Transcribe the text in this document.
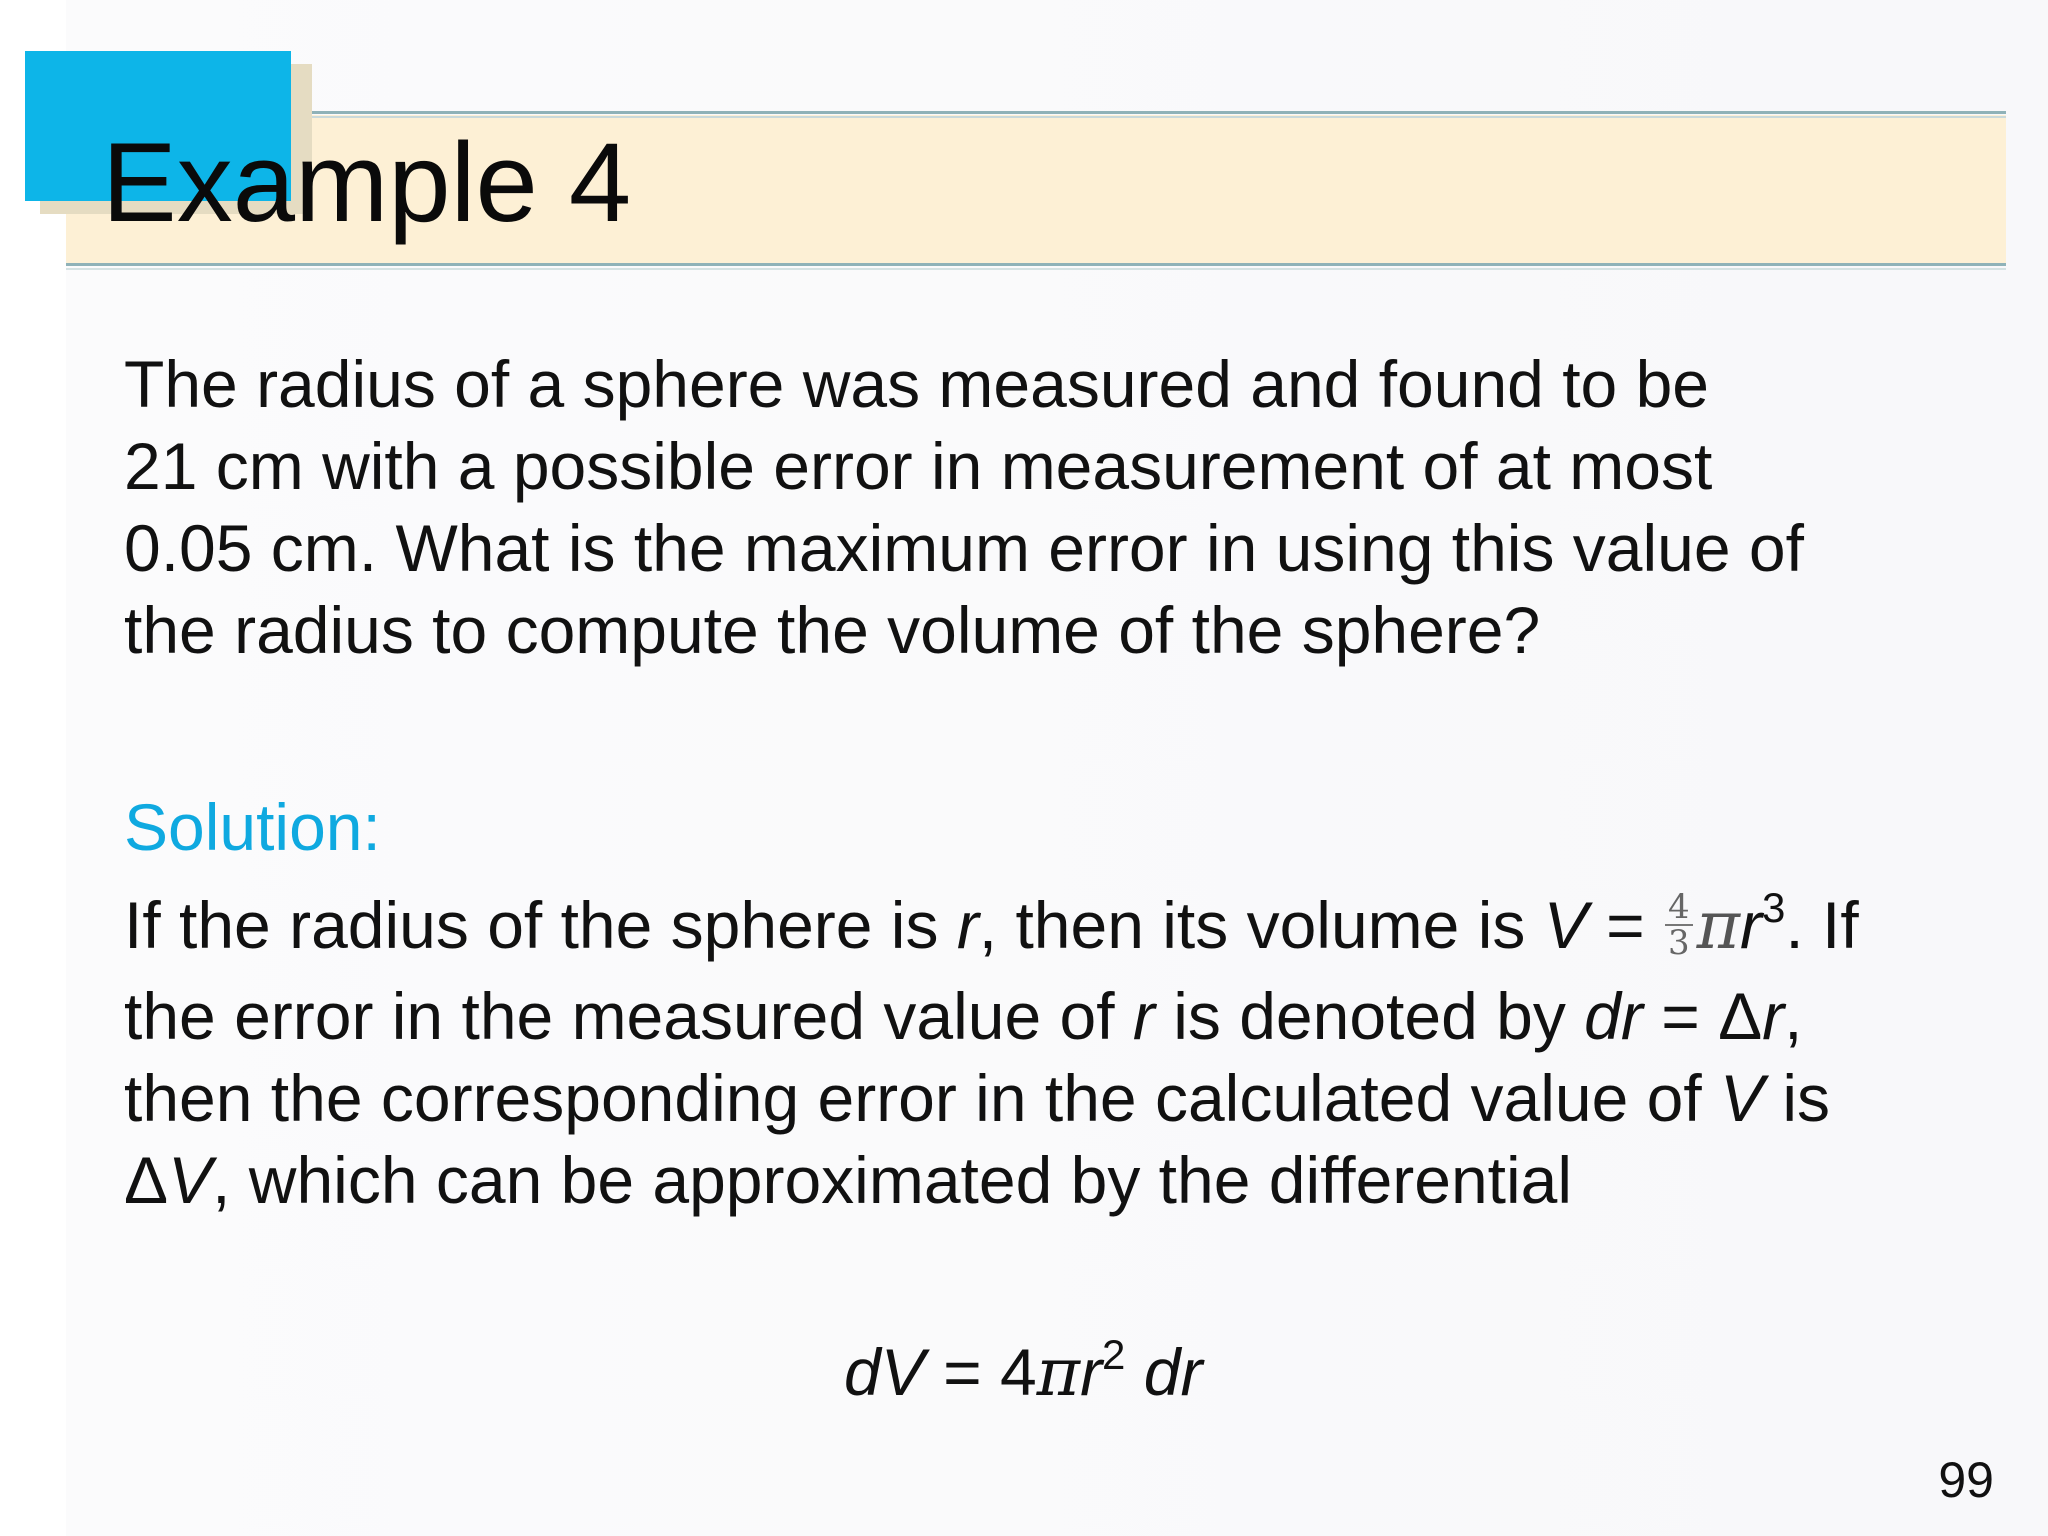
Example 4
The radius of a sphere was measured and found to be
21 cm with a possible error in measurement of at most
0.05 cm. What is the maximum error in using this value of
the radius to compute the volume of the sphere?
Solution:
If the radius of the sphere is r, then its volume is $V = \frac{4}{3} \pi r^3$. If
the error in the measured value of r is denoted by dr = Δr,
then the corresponding error in the calculated value of V is
ΔV, which can be approximated by the differential
dV = $4\pi r^2$ dr
99
